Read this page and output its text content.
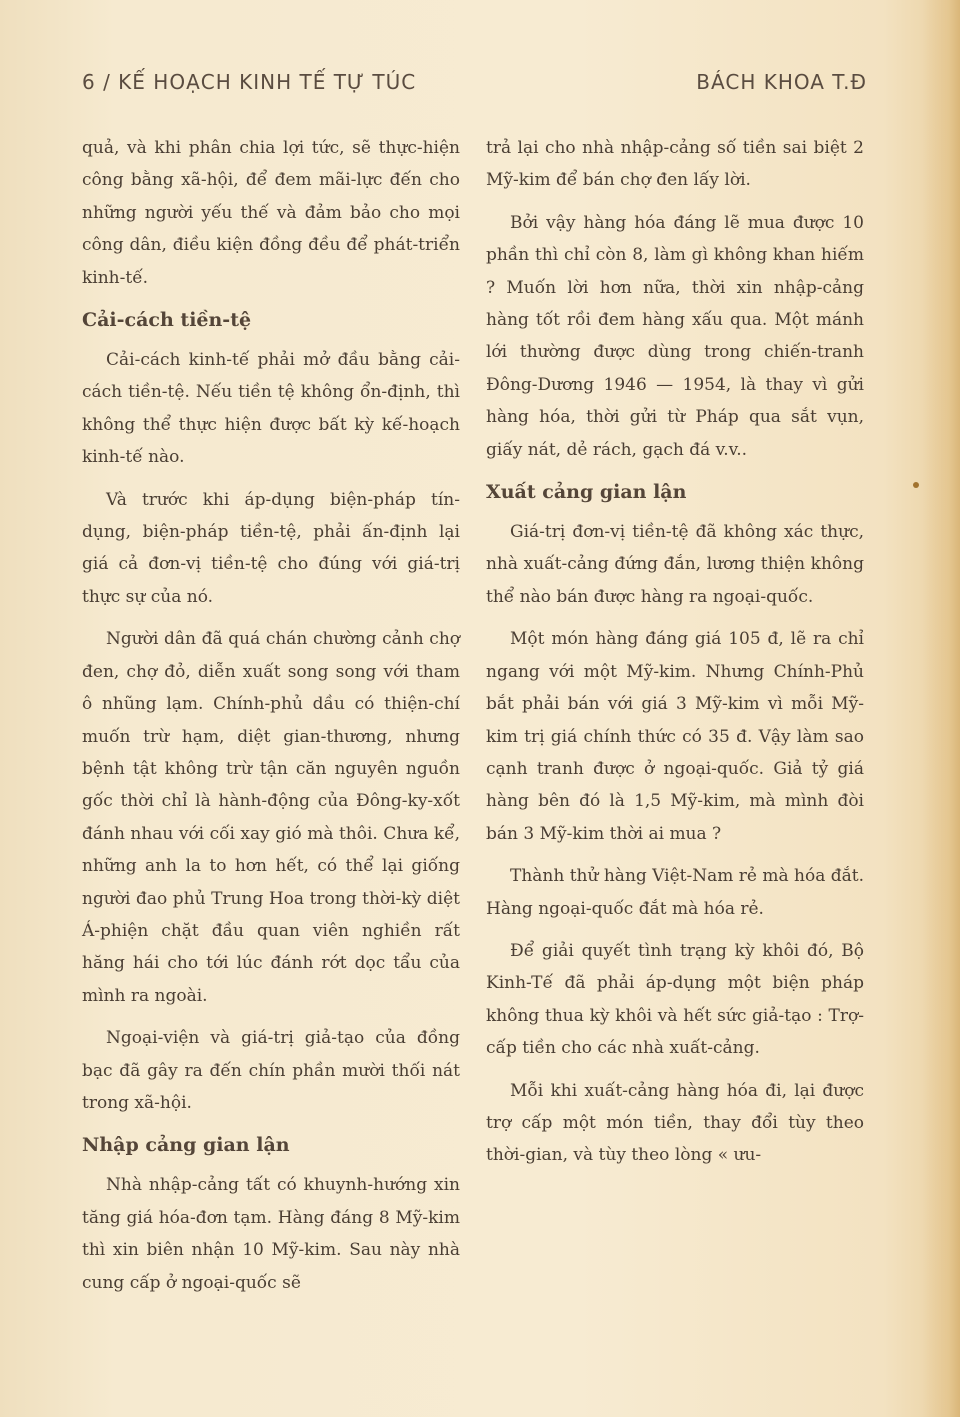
6 / KẾ HOẠCH KINH TẾ TỰ TÚC	BÁCH KHOA T.Đ

quả, và khi phân chia lợi tức, sẽ thực-hiện công bằng xã-hội, để đem mãi-lực đến cho những người yếu thế và đảm bảo cho mọi công dân, điều kiện đồng đều để phát-triển kinh-tế.

Cải-cách tiền-tệ

Cải-cách kinh-tế phải mở đầu bằng cải-cách tiền-tệ. Nếu tiền tệ không ổn-định, thì không thể thực hiện được bất kỳ kế-hoạch kinh-tế nào.

Và trước khi áp-dụng biện-pháp tín-dụng, biện-pháp tiền-tệ, phải ấn-định lại giá cả đơn-vị tiền-tệ cho đúng với giá-trị thực sự của nó.

Người dân đã quá chán chường cảnh chợ đen, chợ đỏ, diễn xuất song song với tham ô nhũng lạm. Chính-phủ dầu có thiện-chí muốn trừ hạm, diệt gian-thương, nhưng bệnh tật không trừ tận căn nguyên nguồn gốc thời chỉ là hành-động của Đông-ky-xốt đánh nhau với cối xay gió mà thôi. Chưa kể, những anh la to hơn hết, có thể lại giống người đao phủ Trung Hoa trong thời-kỳ diệt Á-phiện chặt đầu quan viên nghiền rất hăng hái cho tới lúc đánh rớt dọc tẩu của mình ra ngoài.

Ngoại-viện và giá-trị giả-tạo của đồng bạc đã gây ra đến chín phần mười thối nát trong xã-hội.

Nhập cảng gian lận

Nhà nhập-cảng tất có khuynh-hướng xin tăng giá hóa-đơn tạm. Hàng đáng 8 Mỹ-kim thì xin biên nhận 10 Mỹ-kim. Sau này nhà cung cấp ở ngoại-quốc sẽ

trả lại cho nhà nhập-cảng số tiền sai biệt 2 Mỹ-kim để bán chợ đen lấy lời.

Bởi vậy hàng hóa đáng lẽ mua được 10 phần thì chỉ còn 8, làm gì không khan hiếm ? Muốn lời hơn nữa, thời xin nhập-cảng hàng tốt rồi đem hàng xấu qua. Một mánh lới thường được dùng trong chiến-tranh Đông-Dương 1946 — 1954, là thay vì gửi hàng hóa, thời gửi từ Pháp qua sắt vụn, giấy nát, dẻ rách, gạch đá v.v..

Xuất cảng gian lận

Giá-trị đơn-vị tiền-tệ đã không xác thực, nhà xuất-cảng đứng đắn, lương thiện không thể nào bán được hàng ra ngoại-quốc.

Một món hàng đáng giá 105 đ, lẽ ra chỉ ngang với một Mỹ-kim. Nhưng Chính-Phủ bắt phải bán với giá 3 Mỹ-kim vì mỗi Mỹ-kim trị giá chính thức có 35 đ. Vậy làm sao cạnh tranh được ở ngoại-quốc. Giả tỷ giá hàng bên đó là 1,5 Mỹ-kim, mà mình đòi bán 3 Mỹ-kim thời ai mua ?

Thành thử hàng Việt-Nam rẻ mà hóa đắt. Hàng ngoại-quốc đắt mà hóa rẻ.

Để giải quyết tình trạng kỳ khôi đó, Bộ Kinh-Tế đã phải áp-dụng một biện pháp không thua kỳ khôi và hết sức giả-tạo : Trợ-cấp tiền cho các nhà xuất-cảng.

Mỗi khi xuất-cảng hàng hóa đi, lại được trợ cấp một món tiền, thay đổi tùy theo thời-gian, và tùy theo lòng « ưu-
